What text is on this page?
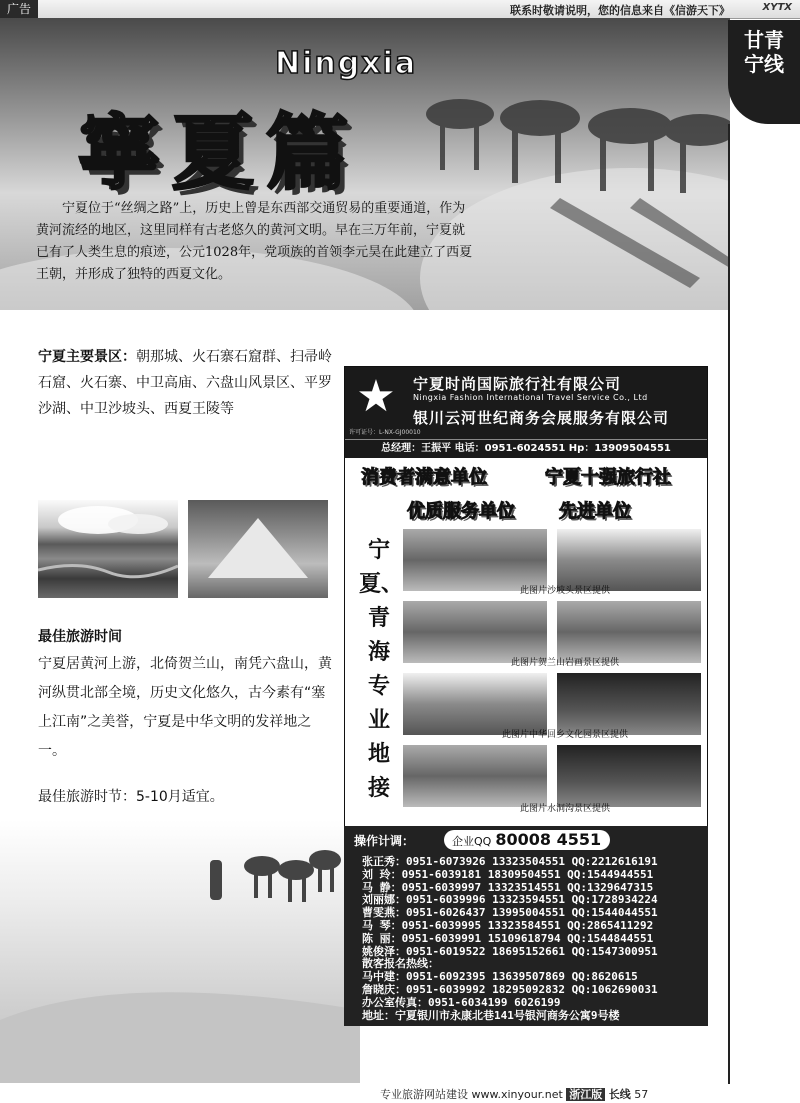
广告	联系时敬请说明，您的信息来自《信游天下》	XYTX
甘青
宁线
Ningxia
寧夏篇
宁夏位于“丝绸之路”上，历史上曾是东西部交通贸易的重要通道，作为黄河流经的地区，这里同样有古老悠久的黄河文明。早在三万年前，宁夏就已有了人类生息的痕迹，公元1028年，党项族的首领李元昊在此建立了西夏王朝，并形成了独特的西夏文化。
宁夏主要景区：朝那城、火石寨石窟群、扫帚岭石窟、火石寨、中卫高庙、六盘山风景区、平罗沙湖、中卫沙坡头、西夏王陵等
最佳旅游时间
宁夏居黄河上游，北倚贺兰山，南凭六盘山，黄河纵贯北部全境，历史文化悠久，古今素有“塞上江南”之美誉，宁夏是中华文明的发祥地之一。
最佳旅游时节：5-10月适宜。
★
许可证号：L-NX-GJ00010
宁夏时尚国际旅行社有限公司
Ningxia Fashion International Travel Service Co., Ltd
银川云河世纪商务会展服务有限公司
总经理：王振平 电话：0951-6024551 Hp：13909504551
消费者满意单位	宁夏十强旅行社
优质服务单位 先进单位
宁夏、青海专业地接
此图片沙坡头景区提供
此图片贺兰山岩画景区提供
此图片中华回乡文化园景区提供
此图片水洞沟景区提供
操作计调：	企业QQ 80008 4551
张正秀：0951-6073926 13323504551 QQ:2212616191
刘 玲：0951-6039181 18309504551 QQ:1544944551
马 静：0951-6039997 13323514551 QQ:1329647315
刘丽娜：0951-6039996 13323594551 QQ:1728934224
曹雯燕：0951-6026437 13995004551 QQ:1544044551
马 琴：0951-6039995 13323584551 QQ:2865411292
陈 丽：0951-6039991 15109618794 QQ:1544844551
姚俊泽：0951-6019522 18695152661 QQ:1547300951
散客报名热线：
马中建：0951-6092395 13639507869 QQ:8620615
詹晓庆：0951-6039992 18295092832 QQ:1062690031
办公室传真：0951-6034199 6026199
地址：宁夏银川市永康北巷141号银河商务公寓9号楼
专业旅游网站建设 www.xinyour.net 浙江版 长线 57
